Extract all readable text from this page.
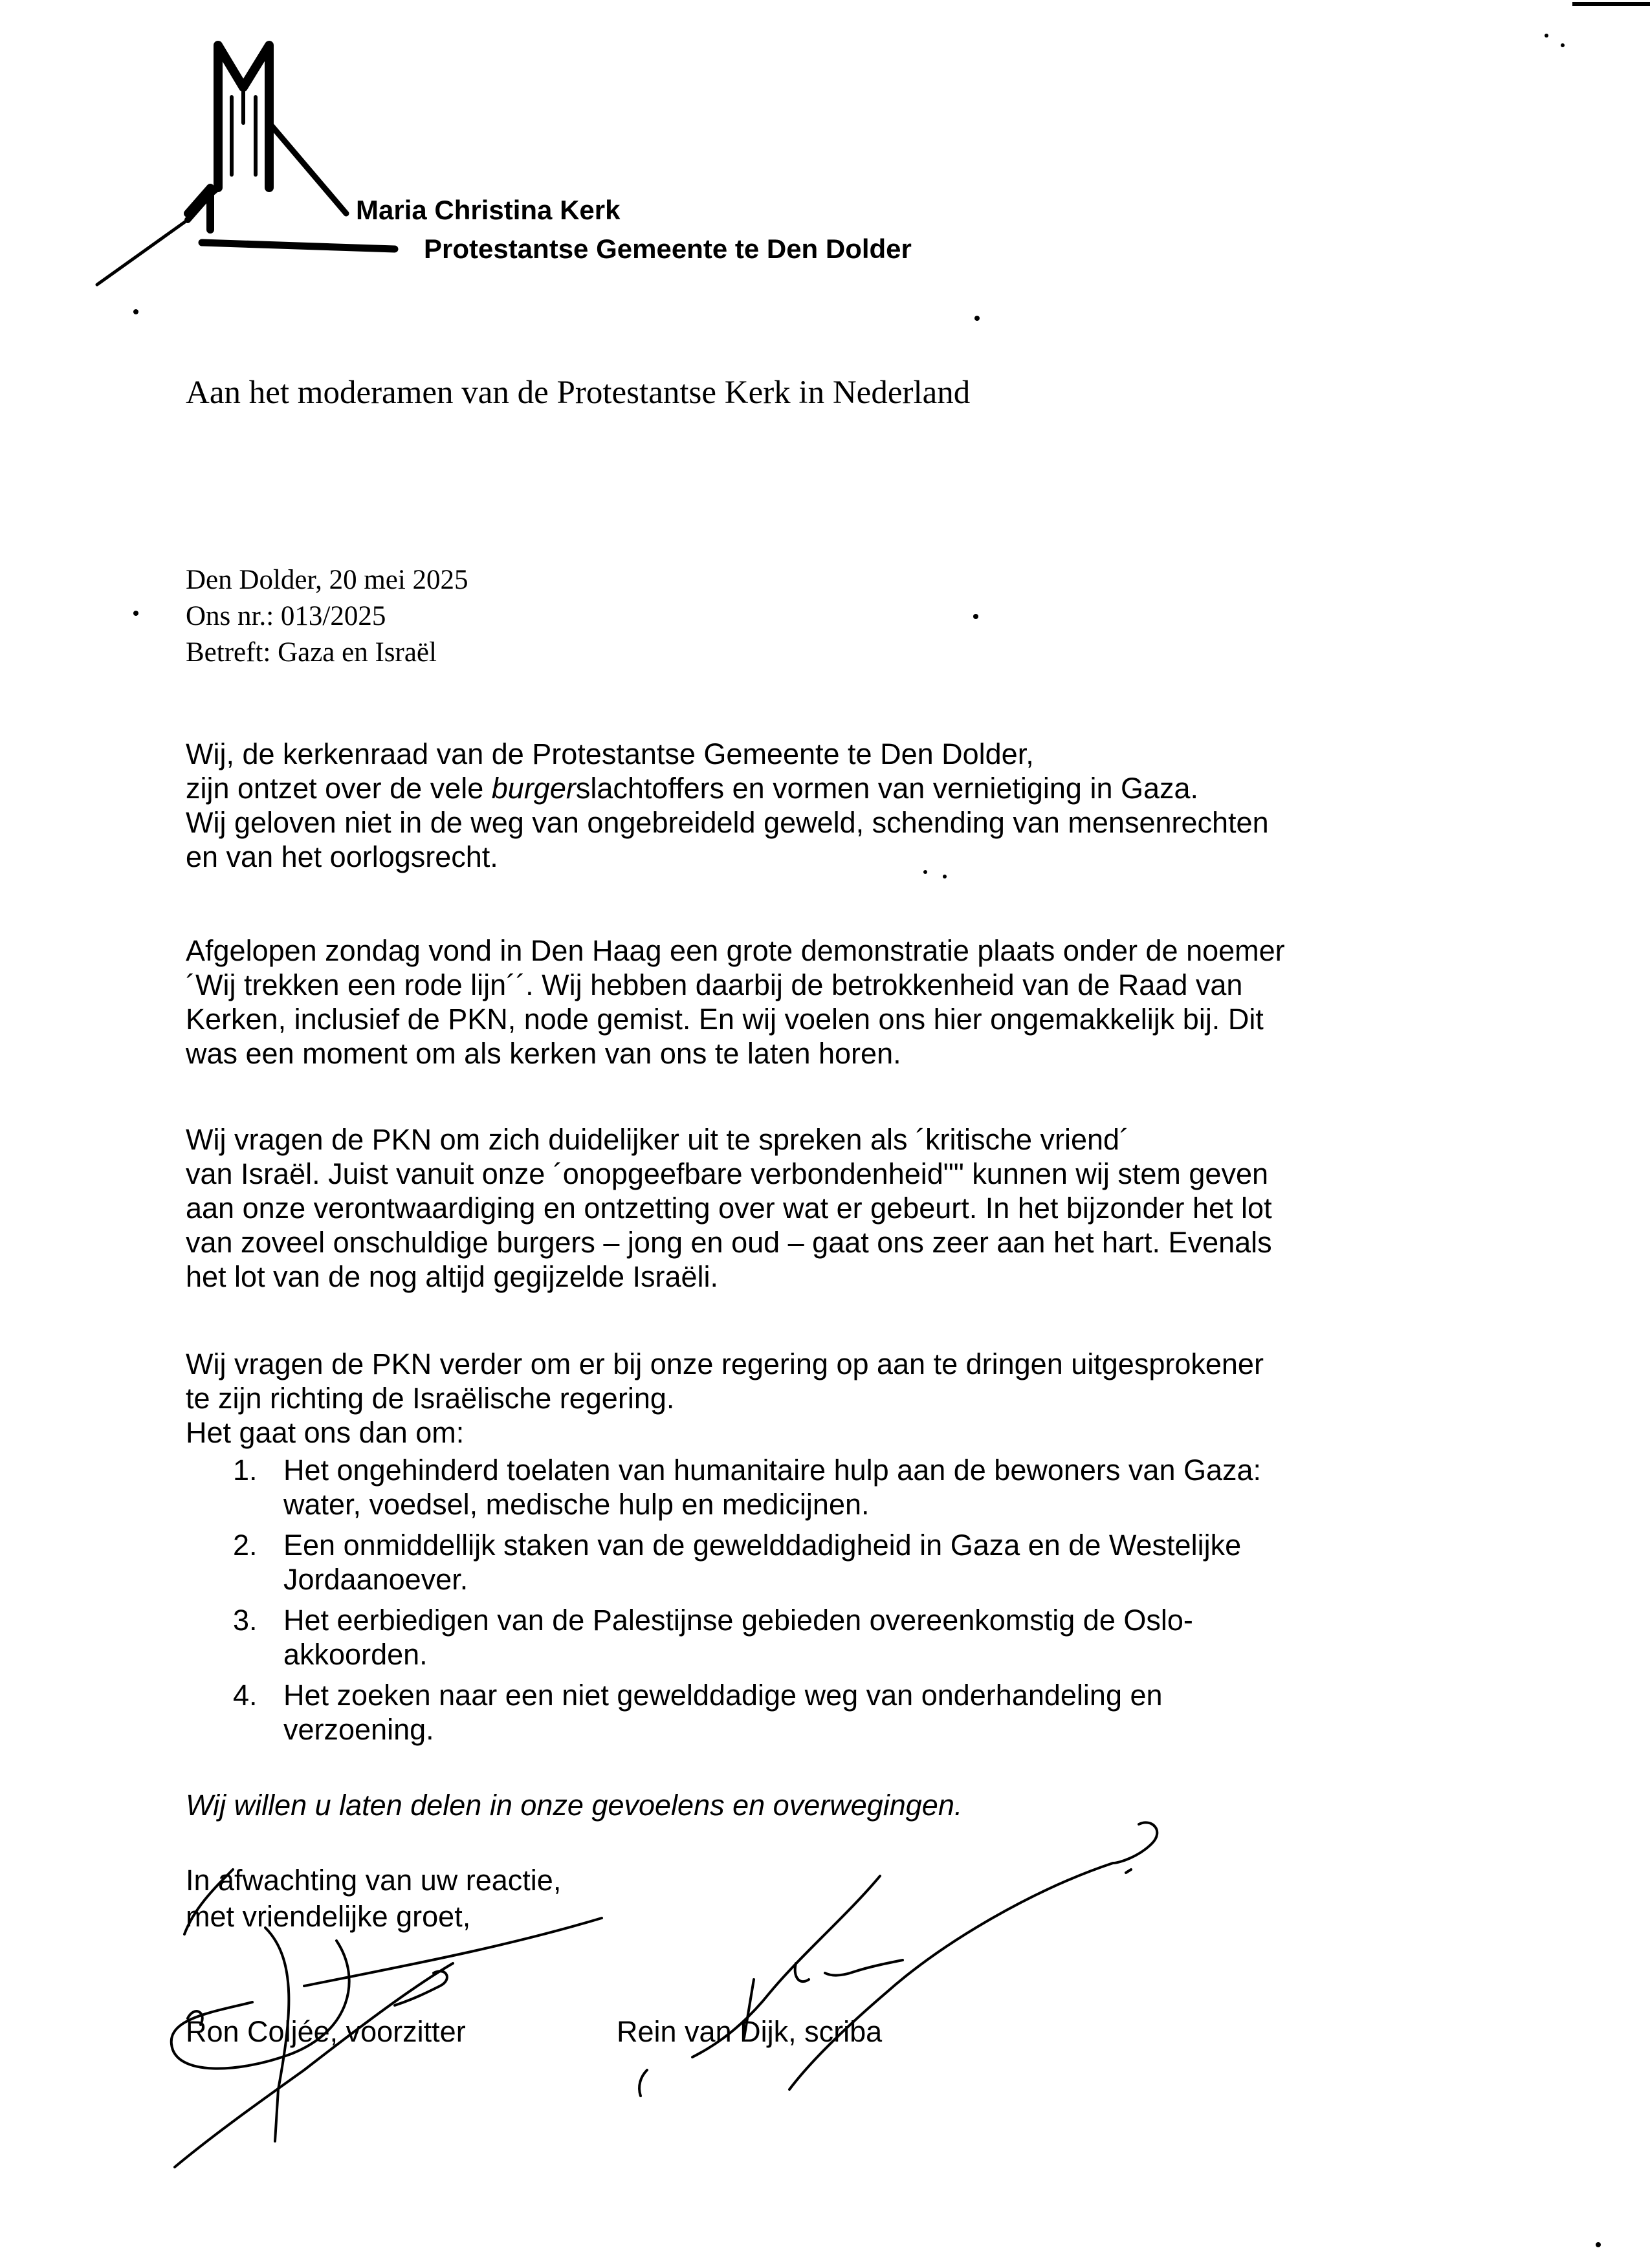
Maria Christina Kerk
Protestantse Gemeente te Den Dolder
Aan het moderamen van de Protestantse Kerk in Nederland
Den Dolder, 20 mei 2025
Ons nr.: 013/2025
Betreft: Gaza en Israël
Wij, de kerkenraad van de Protestantse Gemeente te Den Dolder,
zijn ontzet over de vele burgerslachtoffers en vormen van vernietiging in Gaza.
Wij geloven niet in de weg van ongebreideld geweld, schending van mensenrechten
en van het oorlogsrecht.
Afgelopen zondag vond in Den Haag een grote demonstratie plaats onder de noemer
´Wij trekken een rode lijn´´. Wij hebben daarbij de betrokkenheid van de Raad van
Kerken, inclusief de PKN, node gemist. En wij voelen ons hier ongemakkelijk bij. Dit
was een moment om als kerken van ons te laten horen.
Wij vragen de PKN om zich duidelijker uit te spreken als ´kritische vriend´
van Israël. Juist vanuit onze ´onopgeefbare verbondenheid"" kunnen wij stem geven
aan onze verontwaardiging en ontzetting over wat er gebeurt. In het bijzonder het lot
van zoveel onschuldige burgers – jong en oud – gaat ons zeer aan het hart. Evenals
het lot van de nog altijd gegijzelde Israëli.
Wij vragen de PKN verder om er bij onze regering op aan te dringen uitgesprokener
te zijn richting de Israëlische regering.
Het gaat ons dan om:
1. Het ongehinderd toelaten van humanitaire hulp aan de bewoners van Gaza:
water, voedsel, medische hulp en medicijnen.
2. Een onmiddellijk staken van de gewelddadigheid in Gaza en de Westelijke
Jordaanoever.
3. Het eerbiedigen van de Palestijnse gebieden overeenkomstig de Oslo-
akkoorden.
4. Het zoeken naar een niet gewelddadige weg van onderhandeling en
verzoening.
Wij willen u laten delen in onze gevoelens en overwegingen.
In afwachting van uw reactie,
met vriendelijke groet,
Ron Coljée, voorzitter	Rein van Dijk, scriba
